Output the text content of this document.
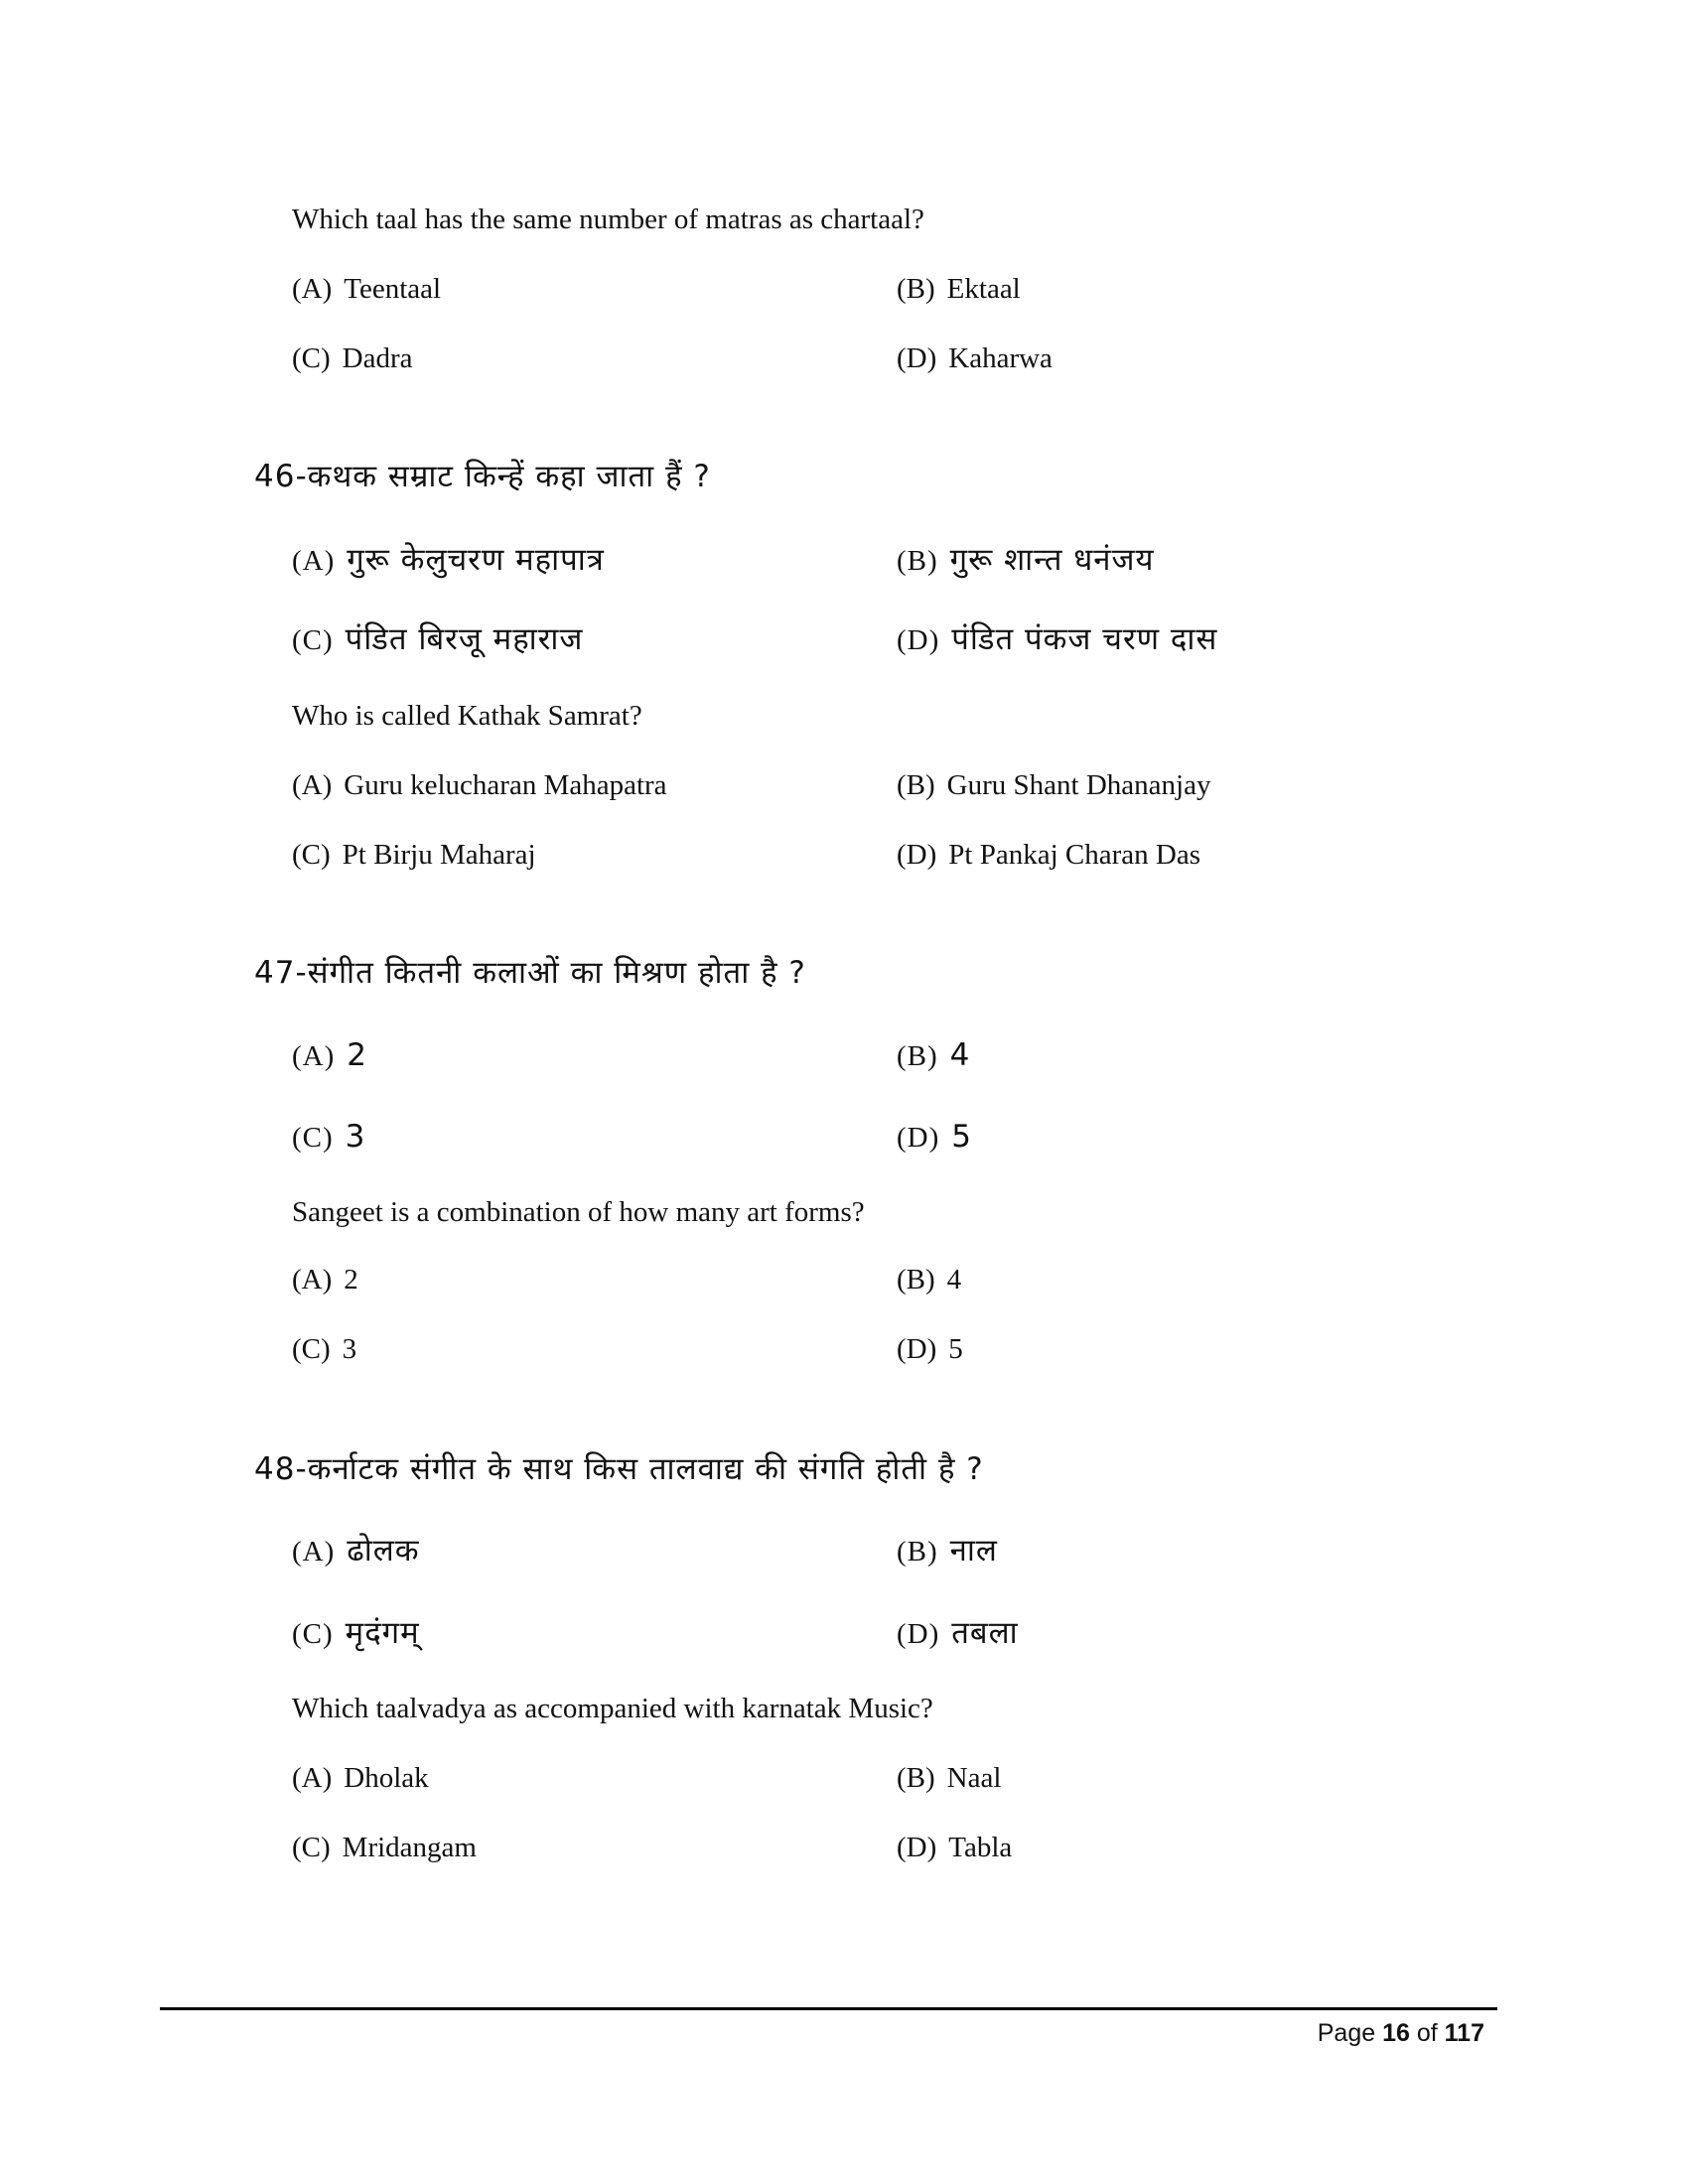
Page 16 of 117
Which taal has the same number of matras as chartaal?
(A) Teentaal	(B) Ektaal
(C) Dadra	(D) Kaharwa
46-कथक सम्राट किन्हें कहा जाता हैं ?
(A) गुरू केलुचरण महापात्र	(B) गुरू शान्त धनंजय
(C) पंडित बिरजू महाराज	(D) पंडित पंकज चरण दास
Who is called Kathak Samrat?
(A) Guru kelucharan Mahapatra	(B) Guru Shant Dhananjay
(C) Pt Birju Maharaj	(D) Pt Pankaj Charan Das
47-संगीत कितनी कलाओं का मिश्रण होता है ?
(A) 2	(B) 4
(C) 3	(D) 5
Sangeet is a combination of how many art forms?
(A) 2	(B) 4
(C) 3	(D) 5
48-कर्नाटक संगीत के साथ किस तालवाद्य की संगति होती है ?
(A) ढोलक	(B) नाल
(C) मृदंगम्	(D) तबला
Which taalvadya as accompanied with karnatak Music?
(A) Dholak	(B) Naal
(C) Mridangam	(D) Tabla
